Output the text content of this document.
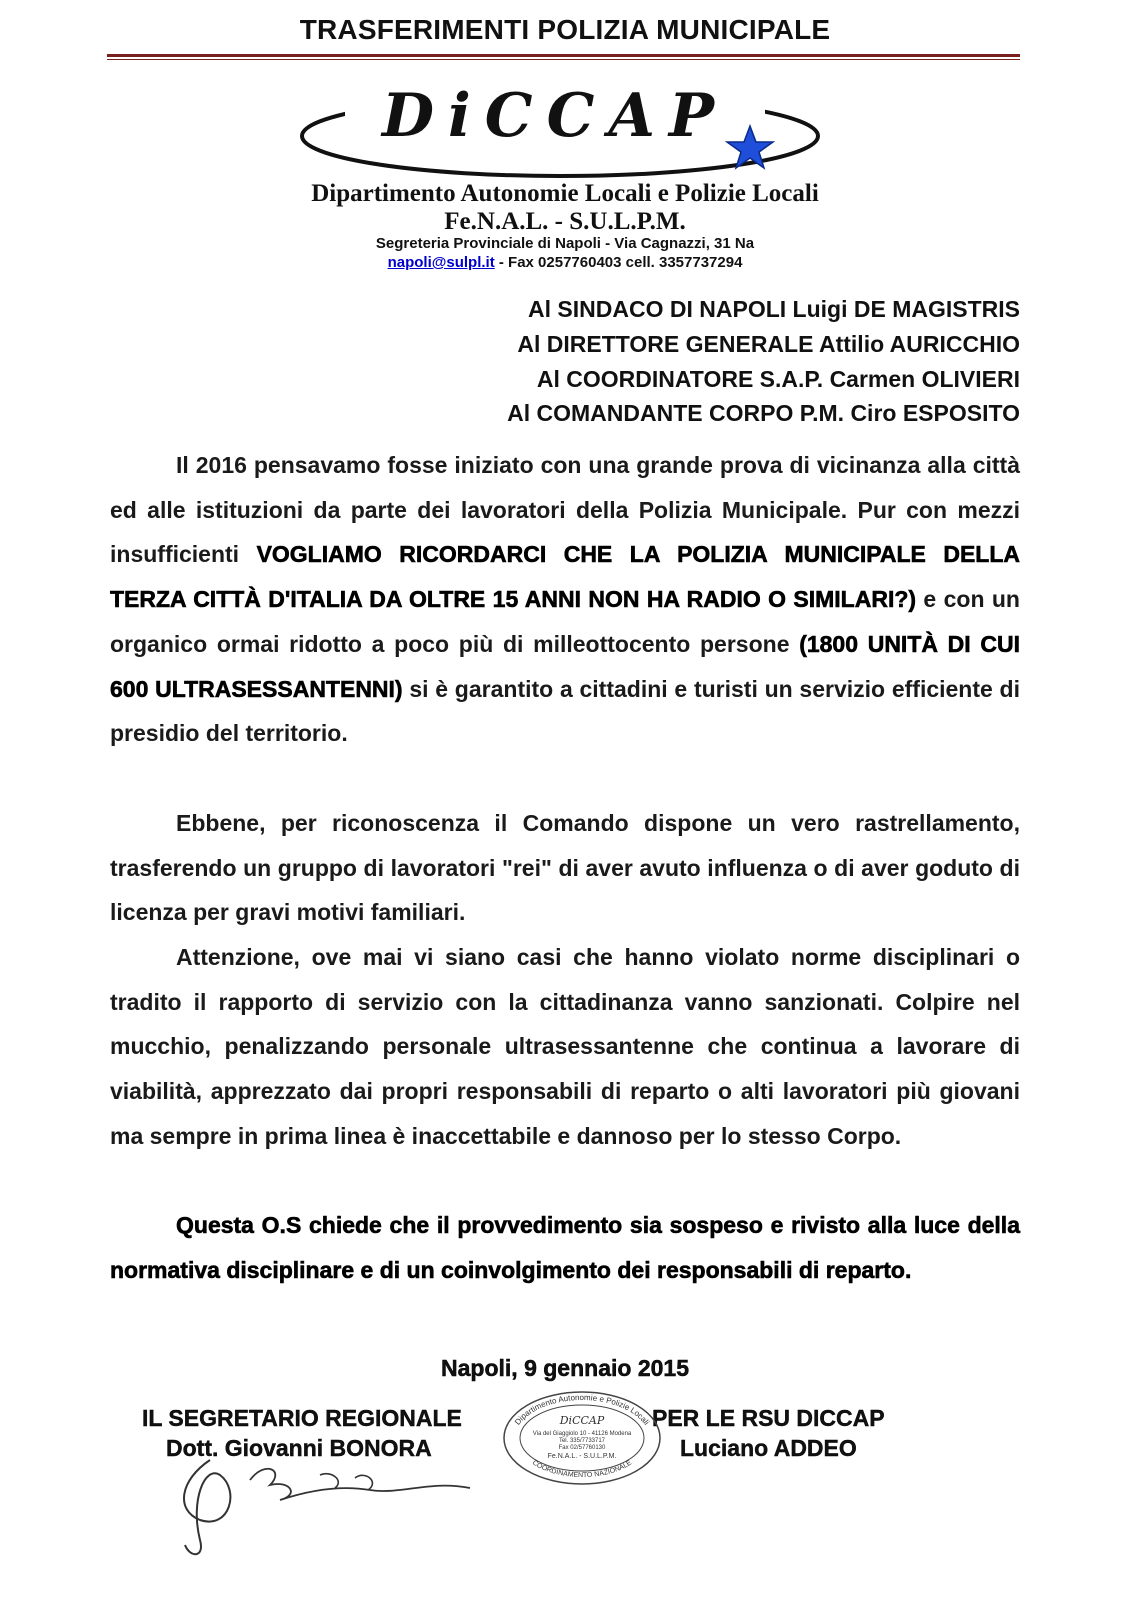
TRASFERIMENTI POLIZIA MUNICIPALE
DiCCAP
Dipartimento Autonomie Locali e Polizie Locali
Fe.N.A.L. - S.U.L.P.M.
Segreteria Provinciale di Napoli - Via Cagnazzi, 31 Na
napoli@sulpl.it - Fax 0257760403 cell. 3357737294
Al SINDACO DI NAPOLI Luigi DE MAGISTRIS
Al DIRETTORE GENERALE Attilio AURICCHIO
Al COORDINATORE S.A.P. Carmen OLIVIERI
Al COMANDANTE CORPO P.M. Ciro ESPOSITO
Il 2016 pensavamo fosse iniziato con una grande prova di vicinanza alla città ed alle istituzioni da parte dei lavoratori della Polizia Municipale. Pur con mezzi insufficienti VOGLIAMO RICORDARCI CHE LA POLIZIA MUNICIPALE DELLA TERZA CITTÀ D'ITALIA DA OLTRE 15 ANNI NON HA RADIO O SIMILARI?) e con un organico ormai ridotto a poco più di milleottocento persone (1800 UNITÀ DI CUI 600 ULTRASESSANTENNI) si è garantito a cittadini e turisti un servizio efficiente di presidio del territorio.
Ebbene, per riconoscenza il Comando dispone un vero rastrellamento, trasferendo un gruppo di lavoratori "rei" di aver avuto influenza o di aver goduto di licenza per gravi motivi familiari.
Attenzione, ove mai vi siano casi che hanno violato norme disciplinari o tradito il rapporto di servizio con la cittadinanza vanno sanzionati. Colpire nel mucchio, penalizzando personale ultrasessantenne che continua a lavorare di viabilità, apprezzato dai propri responsabili di reparto o alti lavoratori più giovani ma sempre in prima linea è inaccettabile e dannoso per lo stesso Corpo.
Questa O.S chiede che il provvedimento sia sospeso e rivisto alla luce della normativa disciplinare e di un coinvolgimento dei responsabili di reparto.
Napoli, 9 gennaio 2015
IL SEGRETARIO REGIONALE
Dott. Giovanni BONORA
PER LE RSU DICCAP
Luciano ADDEO
Dipartimento Autonomie e Polizie Locali
COORDINAMENTO NAZIONALE
DiCCAP
Via del Giaggiolo 10 - 41126 Modena
Tel. 335/7733717
Fax 02/57760130
Fe.N.A.L. - S.U.L.P.M.
